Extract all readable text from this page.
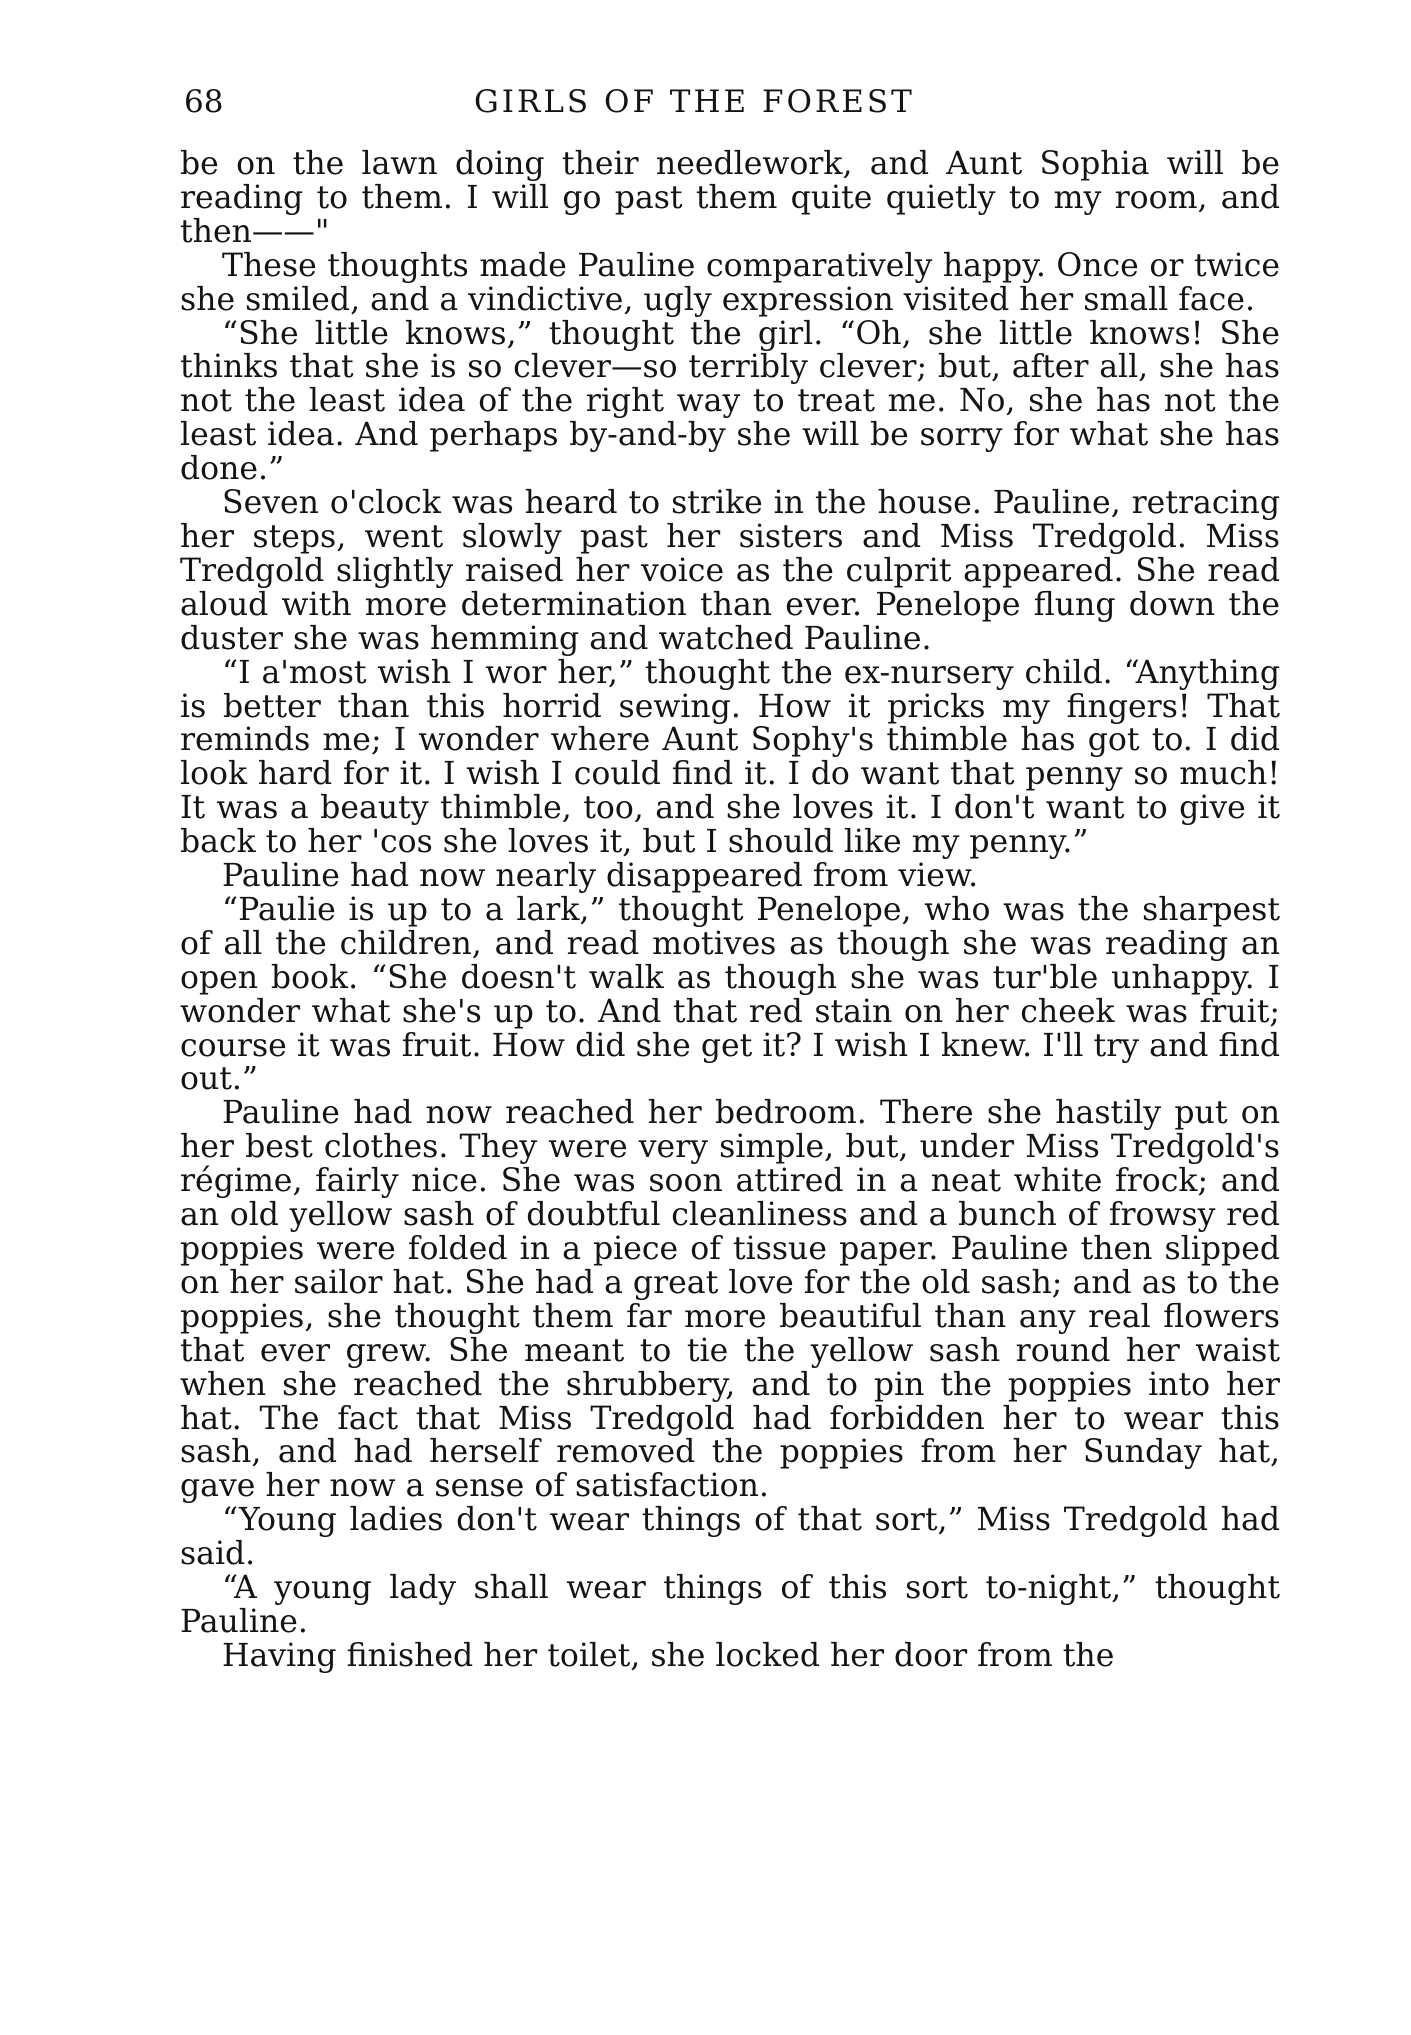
68	GIRLS OF THE FOREST

be on the lawn doing their needlework, and Aunt Sophia will be reading to them. I will go past them quite quietly to my room, and then——"

These thoughts made Pauline comparatively happy. Once or twice she smiled, and a vindictive, ugly expression visited her small face.

“She little knows,” thought the girl. “Oh, she little knows! She thinks that she is so clever—so terribly clever; but, after all, she has not the least idea of the right way to treat me. No, she has not the least idea. And perhaps by-and-by she will be sorry for what she has done.”

Seven o'clock was heard to strike in the house. Pauline, retracing her steps, went slowly past her sisters and Miss Tredgold. Miss Tredgold slightly raised her voice as the culprit appeared. She read aloud with more determination than ever. Penelope flung down the duster she was hemming and watched Pauline.

“I a'most wish I wor her,” thought the ex-nursery child. “Anything is better than this horrid sewing. How it pricks my fingers! That reminds me; I wonder where Aunt Sophy's thimble has got to. I did look hard for it. I wish I could find it. I do want that penny so much! It was a beauty thimble, too, and she loves it. I don't want to give it back to her 'cos she loves it, but I should like my penny.”

Pauline had now nearly disappeared from view.

“Paulie is up to a lark,” thought Penelope, who was the sharpest of all the children, and read motives as though she was reading an open book. “She doesn't walk as though she was tur'ble unhappy. I wonder what she's up to. And that red stain on her cheek was fruit; course it was fruit. How did she get it? I wish I knew. I'll try and find out.”

Pauline had now reached her bedroom. There she hastily put on her best clothes. They were very simple, but, under Miss Tredgold's régime, fairly nice. She was soon attired in a neat white frock; and an old yellow sash of doubtful cleanliness and a bunch of frowsy red poppies were folded in a piece of tissue paper. Pauline then slipped on her sailor hat. She had a great love for the old sash; and as to the poppies, she thought them far more beautiful than any real flowers that ever grew. She meant to tie the yellow sash round her waist when she reached the shrubbery, and to pin the poppies into her hat. The fact that Miss Tredgold had forbidden her to wear this sash, and had herself removed the poppies from her Sunday hat, gave her now a sense of satisfaction.

“Young ladies don't wear things of that sort,” Miss Tredgold had said.

“A young lady shall wear things of this sort to-night,” thought Pauline.

Having finished her toilet, she locked her door from the
